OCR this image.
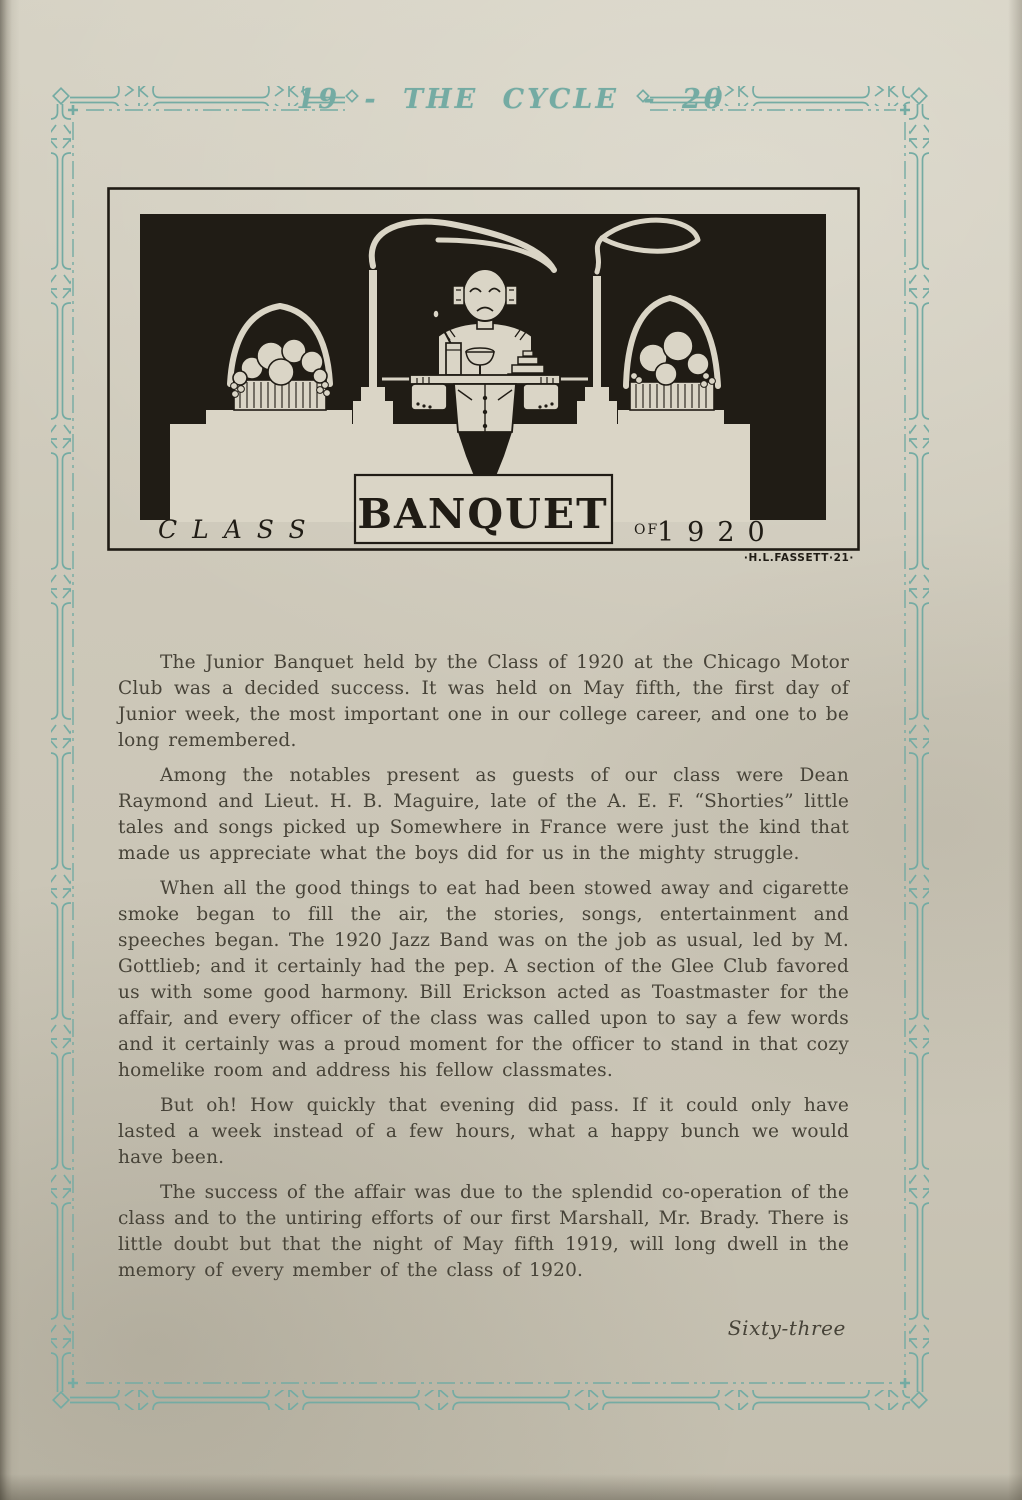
19 - THE CYCLE - 20
BANQUET
CLASS	OF
1920
·H.L.FASSETT·21·

The Junior Banquet held by the Class of 1920 at the Chicago Motor Club was a decided success. It was held on May fifth, the first day of Junior week, the most important one in our college career, and one to be long remembered.

Among the notables present as guests of our class were Dean Raymond and Lieut. H. B. Maguire, late of the A. E. F. “Shorties” little tales and songs picked up Somewhere in France were just the kind that made us appreciate what the boys did for us in the mighty struggle.

When all the good things to eat had been stowed away and cigarette smoke began to fill the air, the stories, songs, entertainment and speeches began. The 1920 Jazz Band was on the job as usual, led by M. Gottlieb; and it certainly had the pep. A section of the Glee Club favored us with some good harmony. Bill Erickson acted as Toastmaster for the affair, and every officer of the class was called upon to say a few words and it certainly was a proud moment for the officer to stand in that cozy homelike room and address his fellow classmates.

But oh! How quickly that evening did pass. If it could only have lasted a week instead of a few hours, what a happy bunch we would have been.

The success of the affair was due to the splendid co-operation of the class and to the untiring efforts of our first Marshall, Mr. Brady. There is little doubt but that the night of May fifth 1919, will long dwell in the memory of every member of the class of 1920.

Sixty-three
